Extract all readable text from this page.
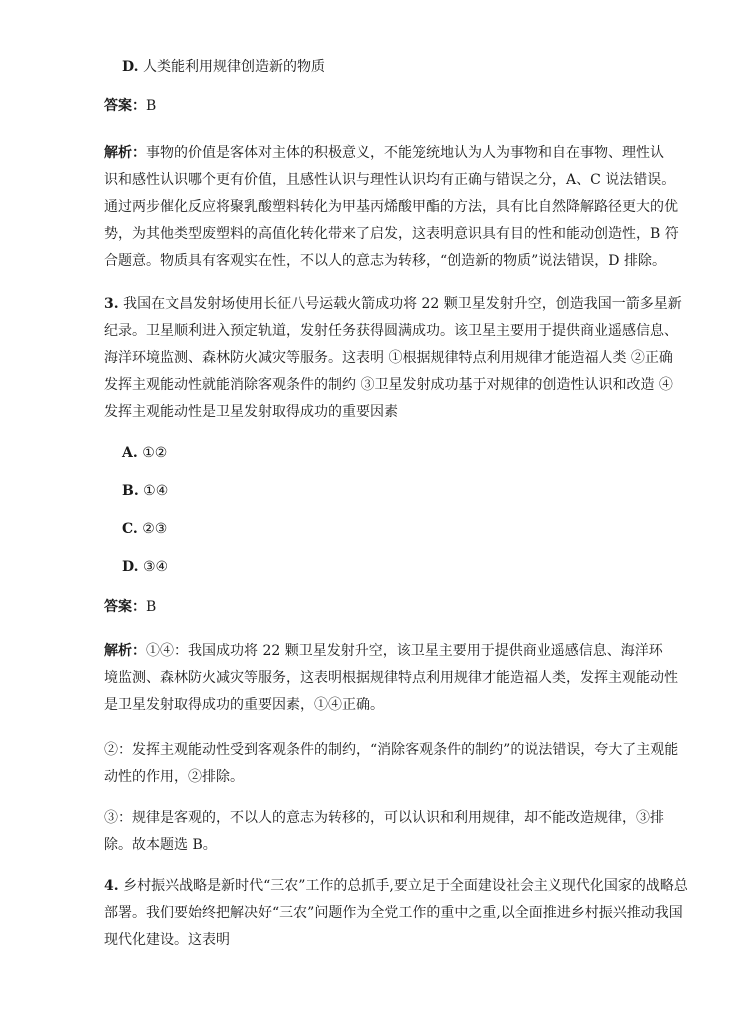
D. 人类能利用规律创造新的物质
答案：B
解析：事物的价值是客体对主体的积极意义，不能笼统地认为人为事物和自在事物、理性认
识和感性认识哪个更有价值，且感性认识与理性认识均有正确与错误之分，A、C 说法错误。
通过两步催化反应将聚乳酸塑料转化为甲基丙烯酸甲酯的方法，具有比自然降解路径更大的优
势，为其他类型废塑料的高值化转化带来了启发，这表明意识具有目的性和能动创造性，B 符
合题意。物质具有客观实在性，不以人的意志为转移，“创造新的物质”说法错误，D 排除。
3. 我国在文昌发射场使用长征八号运载火箭成功将 22 颗卫星发射升空，创造我国一箭多星新
纪录。卫星顺利进入预定轨道，发射任务获得圆满成功。该卫星主要用于提供商业遥感信息、
海洋环境监测、森林防火减灾等服务。这表明 ①根据规律特点利用规律才能造福人类 ②正确
发挥主观能动性就能消除客观条件的制约 ③卫星发射成功基于对规律的创造性认识和改造 ④
发挥主观能动性是卫星发射取得成功的重要因素
A. ①②
B. ①④
C. ②③
D. ③④
答案：B
解析：①④：我国成功将 22 颗卫星发射升空，该卫星主要用于提供商业遥感信息、海洋环
境监测、森林防火减灾等服务，这表明根据规律特点利用规律才能造福人类，发挥主观能动性
是卫星发射取得成功的重要因素，①④正确。
②：发挥主观能动性受到客观条件的制约，“消除客观条件的制约”的说法错误，夸大了主观能
动性的作用，②排除。
③：规律是客观的，不以人的意志为转移的，可以认识和利用规律，却不能改造规律，③排
除。故本题选 B。
4. 乡村振兴战略是新时代“三农”工作的总抓手,要立足于全面建设社会主义现代化国家的战略总
部署。我们要始终把解决好“三农”问题作为全党工作的重中之重,以全面推进乡村振兴推动我国
现代化建设。这表明
